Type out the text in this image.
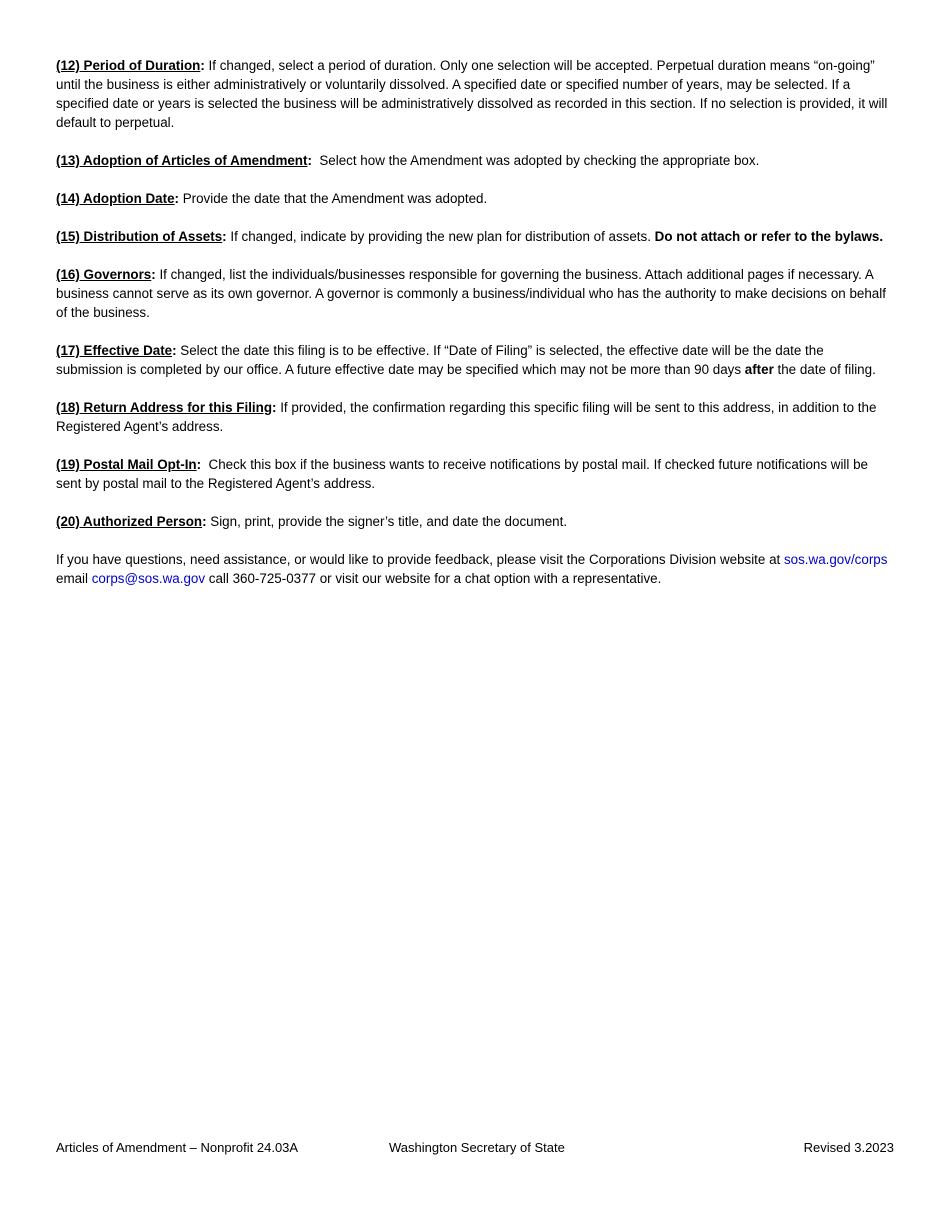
(12) Period of Duration: If changed, select a period of duration. Only one selection will be accepted. Perpetual duration means “on-going” until the business is either administratively or voluntarily dissolved. A specified date or specified number of years, may be selected. If a specified date or years is selected the business will be administratively dissolved as recorded in this section. If no selection is provided, it will default to perpetual.

(13) Adoption of Articles of Amendment:  Select how the Amendment was adopted by checking the appropriate box.

(14) Adoption Date: Provide the date that the Amendment was adopted.

(15) Distribution of Assets: If changed, indicate by providing the new plan for distribution of assets. Do not attach or refer to the bylaws.

(16) Governors: If changed, list the individuals/businesses responsible for governing the business. Attach additional pages if necessary. A business cannot serve as its own governor. A governor is commonly a business/individual who has the authority to make decisions on behalf of the business.

(17) Effective Date: Select the date this filing is to be effective. If “Date of Filing” is selected, the effective date will be the date the submission is completed by our office. A future effective date may be specified which may not be more than 90 days after the date of filing.

(18) Return Address for this Filing: If provided, the confirmation regarding this specific filing will be sent to this address, in addition to the Registered Agent’s address.

(19) Postal Mail Opt-In:  Check this box if the business wants to receive notifications by postal mail. If checked future notifications will be sent by postal mail to the Registered Agent’s address.

(20) Authorized Person: Sign, print, provide the signer’s title, and date the document.

If you have questions, need assistance, or would like to provide feedback, please visit the Corporations Division website at sos.wa.gov/corps email corps@sos.wa.gov call 360-725-0377 or visit our website for a chat option with a representative.

Articles of Amendment – Nonprofit 24.03A	Washington Secretary of State	Revised 3.2023
